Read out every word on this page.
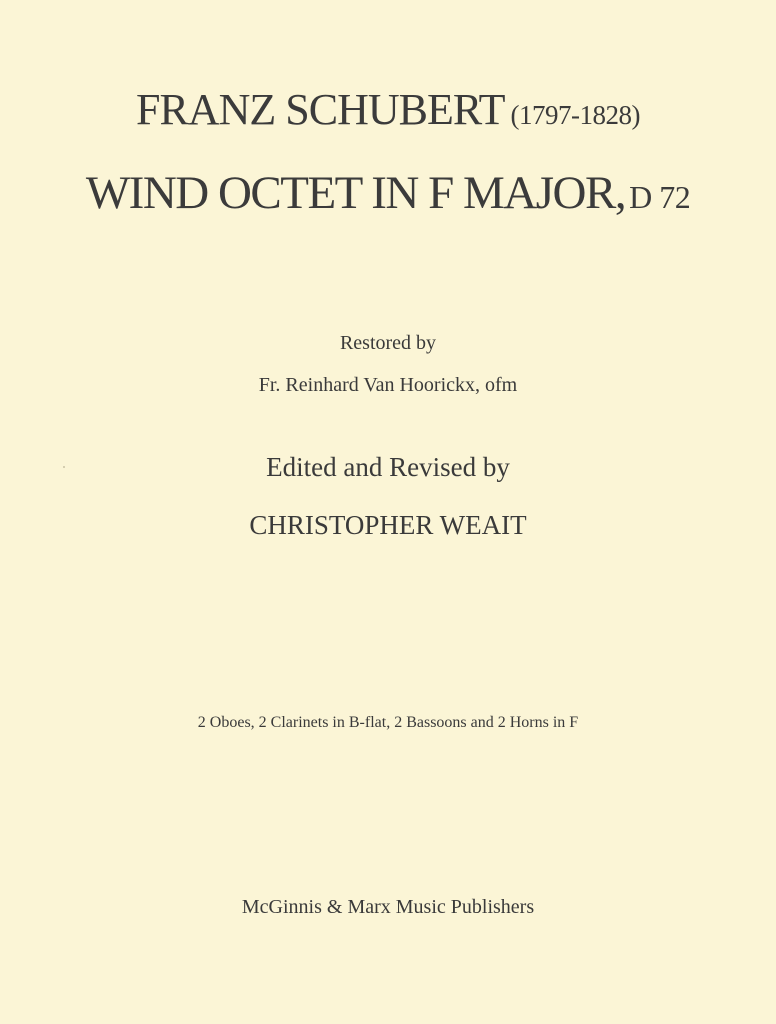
FRANZ SCHUBERT (1797-1828)
WIND OCTET IN F MAJOR, D 72
Restored by
Fr. Reinhard Van Hoorickx, ofm
Edited and Revised by
CHRISTOPHER WEAIT
2 Oboes, 2 Clarinets in B-flat, 2 Bassoons and 2 Horns in F
McGinnis & Marx Music Publishers
